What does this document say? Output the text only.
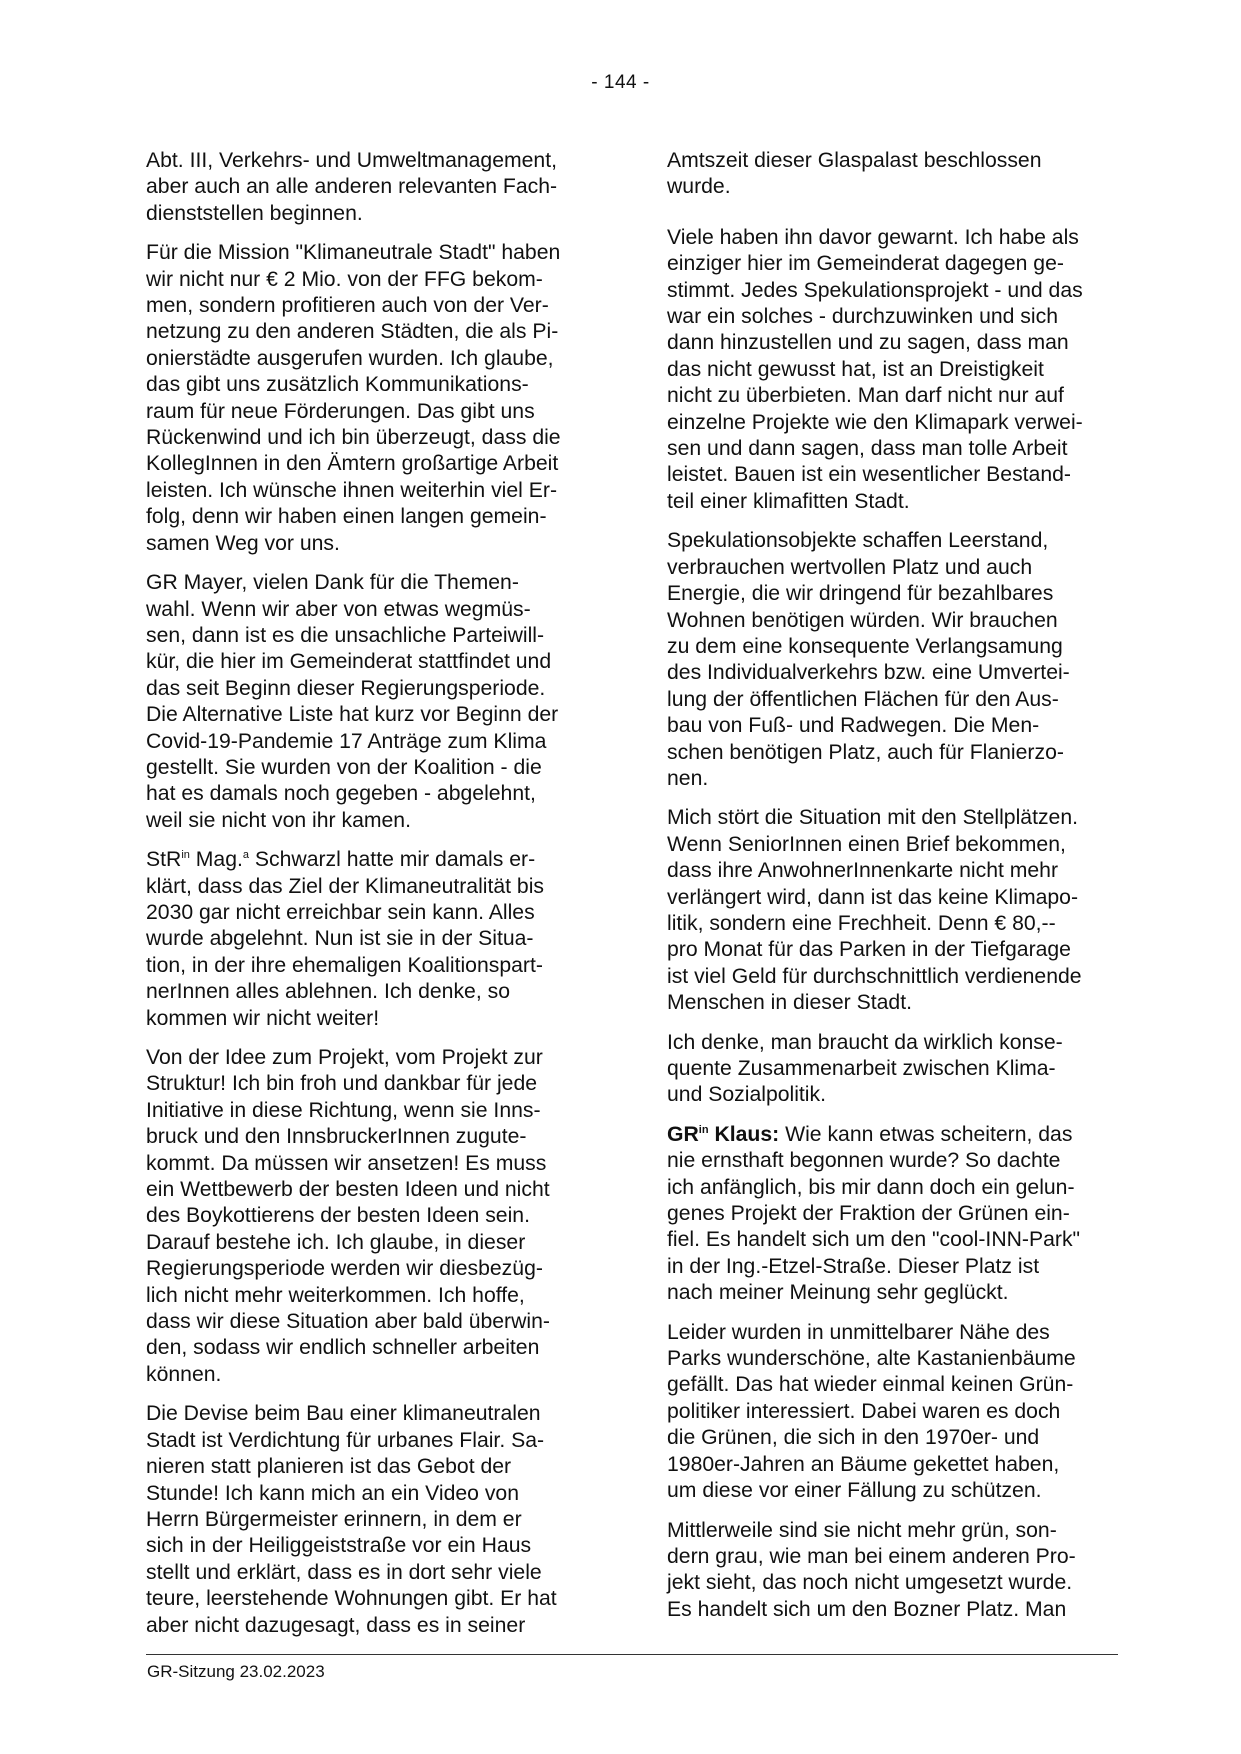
- 144 -

Abt. III, Verkehrs- und Umweltmanagement,
aber auch an alle anderen relevanten Fach-
dienststellen beginnen.

Für die Mission "Klimaneutrale Stadt" haben
wir nicht nur € 2 Mio. von der FFG bekom-
men, sondern profitieren auch von der Ver-
netzung zu den anderen Städten, die als Pi-
onierstädte ausgerufen wurden. Ich glaube,
das gibt uns zusätzlich Kommunikations-
raum für neue Förderungen. Das gibt uns
Rückenwind und ich bin überzeugt, dass die
KollegInnen in den Ämtern großartige Arbeit
leisten. Ich wünsche ihnen weiterhin viel Er-
folg, denn wir haben einen langen gemein-
samen Weg vor uns.

GR Mayer, vielen Dank für die Themen-
wahl. Wenn wir aber von etwas wegmüs-
sen, dann ist es die unsachliche Parteiwill-
kür, die hier im Gemeinderat stattfindet und
das seit Beginn dieser Regierungsperiode.
Die Alternative Liste hat kurz vor Beginn der
Covid-19-Pandemie 17 Anträge zum Klima
gestellt. Sie wurden von der Koalition - die
hat es damals noch gegeben - abgelehnt,
weil sie nicht von ihr kamen.

StR$^{in}$ Mag.$^a$ Schwarzl hatte mir damals er-
klärt, dass das Ziel der Klimaneutralität bis
2030 gar nicht erreichbar sein kann. Alles
wurde abgelehnt. Nun ist sie in der Situa-
tion, in der ihre ehemaligen Koalitionspart-
nerInnen alles ablehnen. Ich denke, so
kommen wir nicht weiter!

Von der Idee zum Projekt, vom Projekt zur
Struktur! Ich bin froh und dankbar für jede
Initiative in diese Richtung, wenn sie Inns-
bruck und den InnsbruckerInnen zugute-
kommt. Da müssen wir ansetzen! Es muss
ein Wettbewerb der besten Ideen und nicht
des Boykottierens der besten Ideen sein.
Darauf bestehe ich. Ich glaube, in dieser
Regierungsperiode werden wir diesbezüg-
lich nicht mehr weiterkommen. Ich hoffe,
dass wir diese Situation aber bald überwin-
den, sodass wir endlich schneller arbeiten
können.

Die Devise beim Bau einer klimaneutralen
Stadt ist Verdichtung für urbanes Flair. Sa-
nieren statt planieren ist das Gebot der
Stunde! Ich kann mich an ein Video von
Herrn Bürgermeister erinnern, in dem er
sich in der Heiliggeiststraße vor ein Haus
stellt und erklärt, dass es in dort sehr viele
teure, leerstehende Wohnungen gibt. Er hat
aber nicht dazugesagt, dass es in seiner

Amtszeit dieser Glaspalast beschlossen
wurde.

Viele haben ihn davor gewarnt. Ich habe als
einziger hier im Gemeinderat dagegen ge-
stimmt. Jedes Spekulationsprojekt - und das
war ein solches - durchzuwinken und sich
dann hinzustellen und zu sagen, dass man
das nicht gewusst hat, ist an Dreistigkeit
nicht zu überbieten. Man darf nicht nur auf
einzelne Projekte wie den Klimapark verwei-
sen und dann sagen, dass man tolle Arbeit
leistet. Bauen ist ein wesentlicher Bestand-
teil einer klimafitten Stadt.

Spekulationsobjekte schaffen Leerstand,
verbrauchen wertvollen Platz und auch
Energie, die wir dringend für bezahlbares
Wohnen benötigen würden. Wir brauchen
zu dem eine konsequente Verlangsamung
des Individualverkehrs bzw. eine Umvertei-
lung der öffentlichen Flächen für den Aus-
bau von Fuß- und Radwegen. Die Men-
schen benötigen Platz, auch für Flanierzo-
nen.

Mich stört die Situation mit den Stellplätzen.
Wenn SeniorInnen einen Brief bekommen,
dass ihre AnwohnerInnenkarte nicht mehr
verlängert wird, dann ist das keine Klimapo-
litik, sondern eine Frechheit. Denn € 80,--
pro Monat für das Parken in der Tiefgarage
ist viel Geld für durchschnittlich verdienende
Menschen in dieser Stadt.

Ich denke, man braucht da wirklich konse-
quente Zusammenarbeit zwischen Klima-
und Sozialpolitik.

$GR^{in}$ Klaus: Wie kann etwas scheitern, das
nie ernsthaft begonnen wurde? So dachte
ich anfänglich, bis mir dann doch ein gelun-
genes Projekt der Fraktion der Grünen ein-
fiel. Es handelt sich um den "cool-INN-Park"
in der Ing.-Etzel-Straße. Dieser Platz ist
nach meiner Meinung sehr geglückt.

Leider wurden in unmittelbarer Nähe des
Parks wunderschöne, alte Kastanienbäume
gefällt. Das hat wieder einmal keinen Grün-
politiker interessiert. Dabei waren es doch
die Grünen, die sich in den 1970er- und
1980er-Jahren an Bäume gekettet haben,
um diese vor einer Fällung zu schützen.

Mittlerweile sind sie nicht mehr grün, son-
dern grau, wie man bei einem anderen Pro-
jekt sieht, das noch nicht umgesetzt wurde.
Es handelt sich um den Bozner Platz. Man

GR-Sitzung 23.02.2023
